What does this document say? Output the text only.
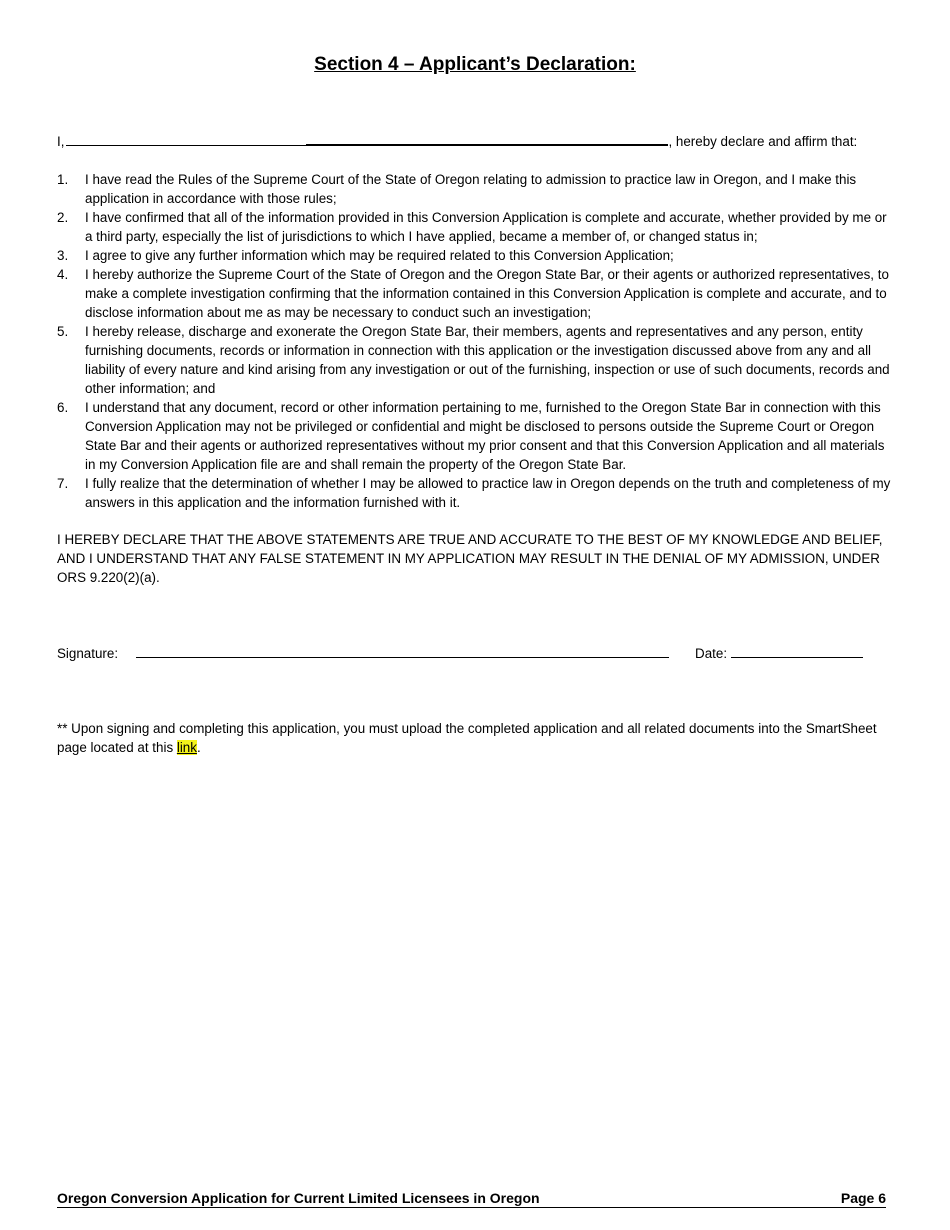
Section 4 – Applicant’s Declaration:
I,	, hereby declare and affirm that:
1. I have read the Rules of the Supreme Court of the State of Oregon relating to admission to practice law in Oregon, and I make this application in accordance with those rules;
2. I have confirmed that all of the information provided in this Conversion Application is complete and accurate, whether provided by me or a third party, especially the list of jurisdictions to which I have applied, became a member of, or changed status in;
3. I agree to give any further information which may be required related to this Conversion Application;
4. I hereby authorize the Supreme Court of the State of Oregon and the Oregon State Bar, or their agents or authorized representatives, to make a complete investigation confirming that the information contained in this Conversion Application is complete and accurate, and to disclose information about me as may be necessary to conduct such an investigation;
5. I hereby release, discharge and exonerate the Oregon State Bar, their members, agents and representatives and any person, entity furnishing documents, records or information in connection with this application or the investigation discussed above from any and all liability of every nature and kind arising from any investigation or out of the furnishing, inspection or use of such documents, records and other information; and
6. I understand that any document, record or other information pertaining to me, furnished to the Oregon State Bar in connection with this Conversion Application may not be privileged or confidential and might be disclosed to persons outside the Supreme Court or Oregon State Bar and their agents or authorized representatives without my prior consent and that this Conversion Application and all materials in my Conversion Application file are and shall remain the property of the Oregon State Bar.
7. I fully realize that the determination of whether I may be allowed to practice law in Oregon depends on the truth and completeness of my answers in this application and the information furnished with it.
I HEREBY DECLARE THAT THE ABOVE STATEMENTS ARE TRUE AND ACCURATE TO THE BEST OF MY KNOWLEDGE AND BELIEF, AND I UNDERSTAND THAT ANY FALSE STATEMENT IN MY APPLICATION MAY RESULT IN THE DENIAL OF MY ADMISSION, UNDER ORS 9.220(2)(a).
Signature:	Date:
** Upon signing and completing this application, you must upload the completed application and all related documents into the SmartSheet page located at this link.
Oregon Conversion Application for Current Limited Licensees in Oregon	Page 6
